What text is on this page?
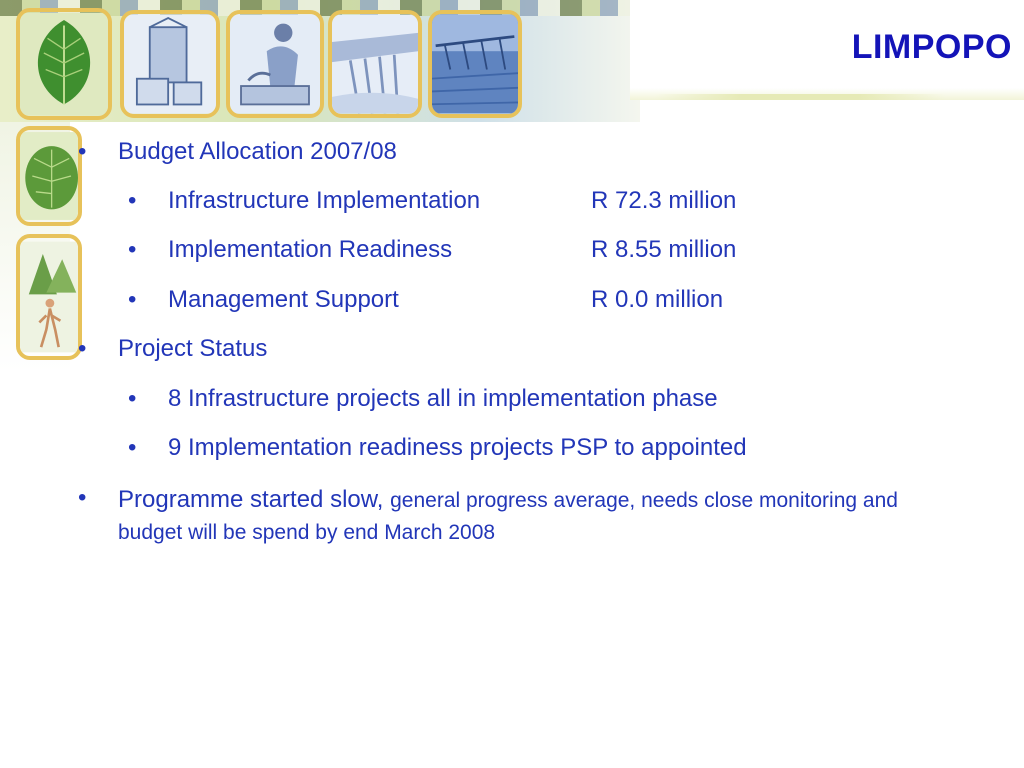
LIMPOPO
• Budget Allocation 2007/08
• Infrastructure Implementation	R 72.3 million
• Implementation Readiness	R 8.55 million
• Management Support	R 0.0 million
• Project Status
• 8 Infrastructure projects all in implementation phase
• 9 Implementation readiness projects PSP to appointed
• Programme started slow, general progress average, needs close monitoring and budget will be spend by end March 2008
